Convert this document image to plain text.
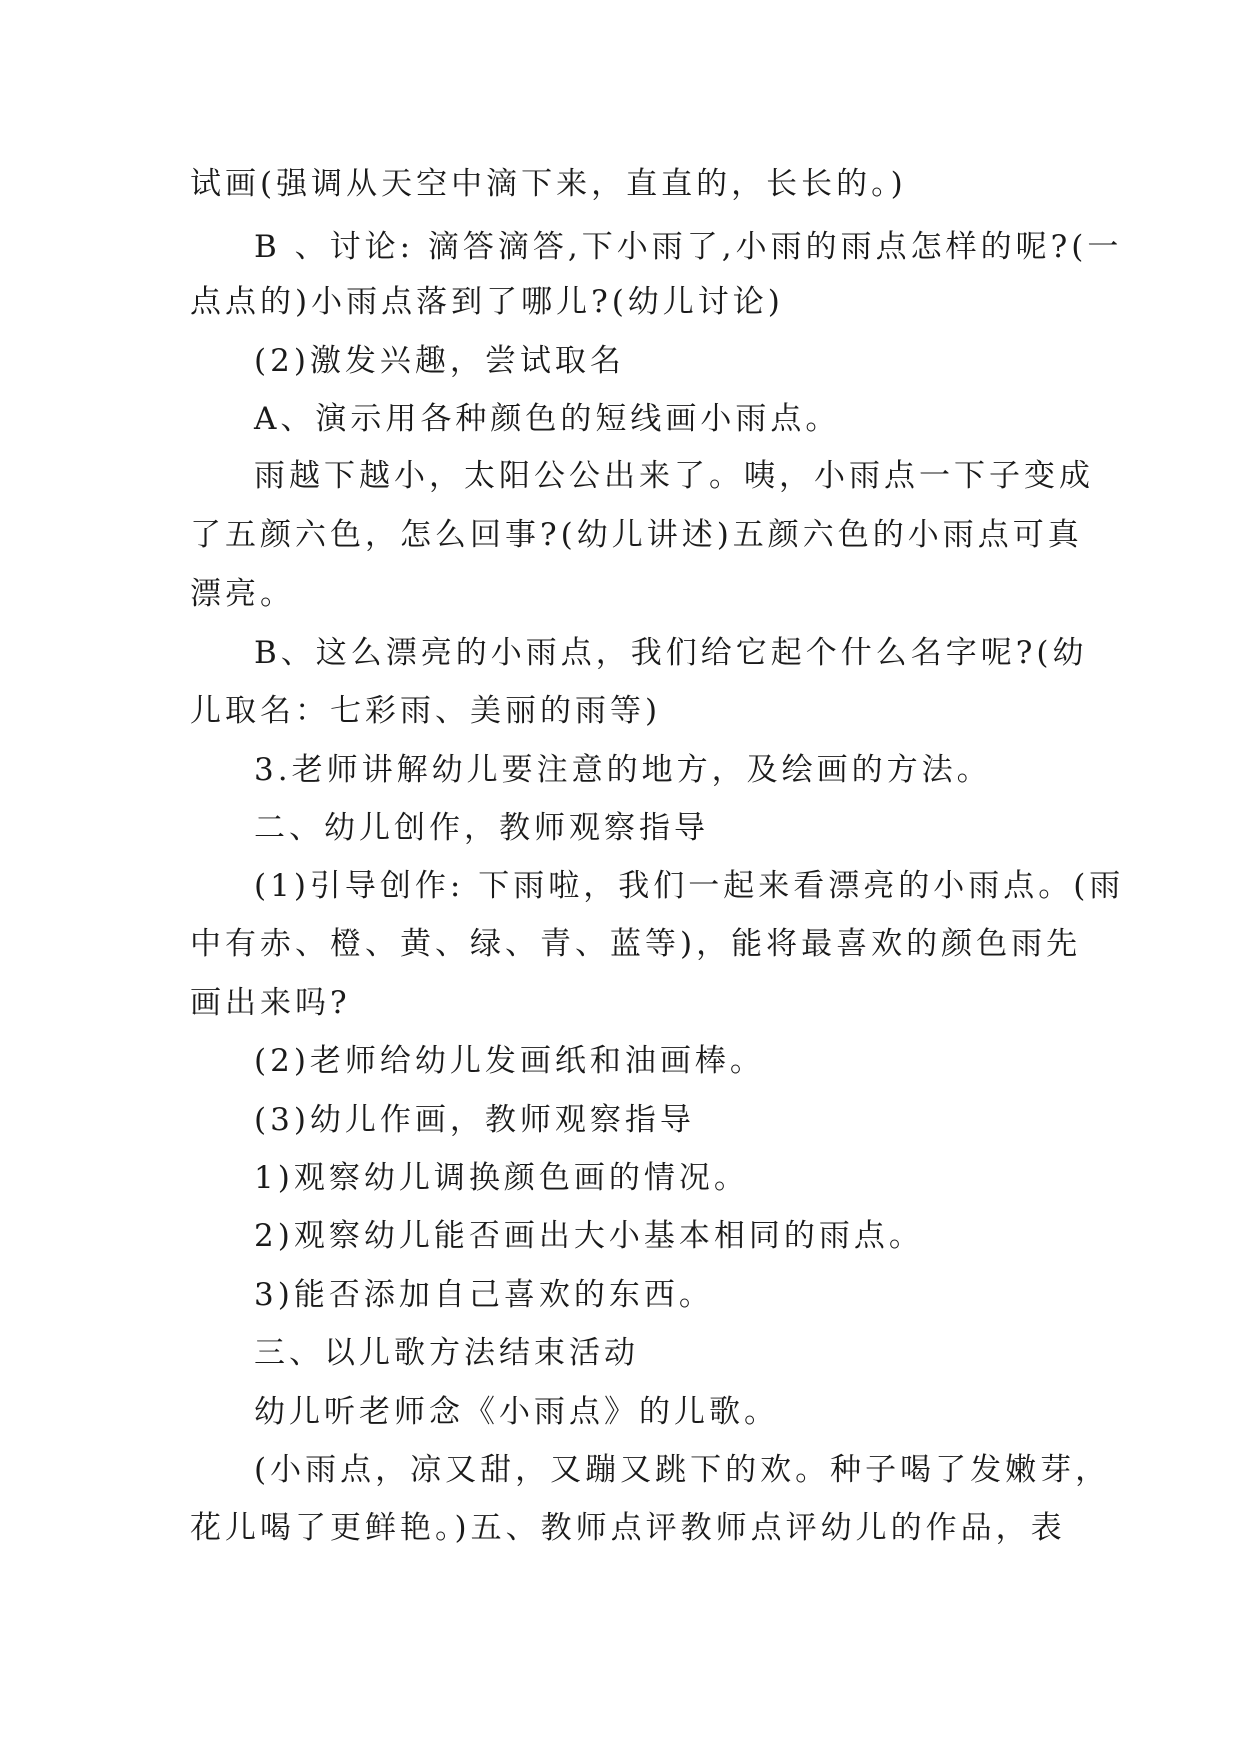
试画(强调从天空中滴下来，直直的，长长的。)
B 、讨论: 滴答滴答,下小雨了,小雨的雨点怎样的呢?(一
点点的)小雨点落到了哪儿?(幼儿讨论)
(2)激发兴趣，尝试取名
A、演示用各种颜色的短线画小雨点。
雨越下越小，太阳公公出来了。咦，小雨点一下子变成
了五颜六色，怎么回事?(幼儿讲述)五颜六色的小雨点可真
漂亮。
B、这么漂亮的小雨点，我们给它起个什么名字呢?(幼
儿取名：七彩雨、美丽的雨等)
3.老师讲解幼儿要注意的地方，及绘画的方法。
二、幼儿创作，教师观察指导
(1)引导创作: 下雨啦，我们一起来看漂亮的小雨点。(雨
中有赤、橙、黄、绿、青、蓝等)，能将最喜欢的颜色雨先
画出来吗?
(2)老师给幼儿发画纸和油画棒。
(3)幼儿作画，教师观察指导
1)观察幼儿调换颜色画的情况。
2)观察幼儿能否画出大小基本相同的雨点。
3)能否添加自己喜欢的东西。
三、以儿歌方法结束活动
幼儿听老师念《小雨点》的儿歌。
(小雨点，凉又甜，又蹦又跳下的欢。种子喝了发嫩芽，
花儿喝了更鲜艳。)五、教师点评教师点评幼儿的作品，表
